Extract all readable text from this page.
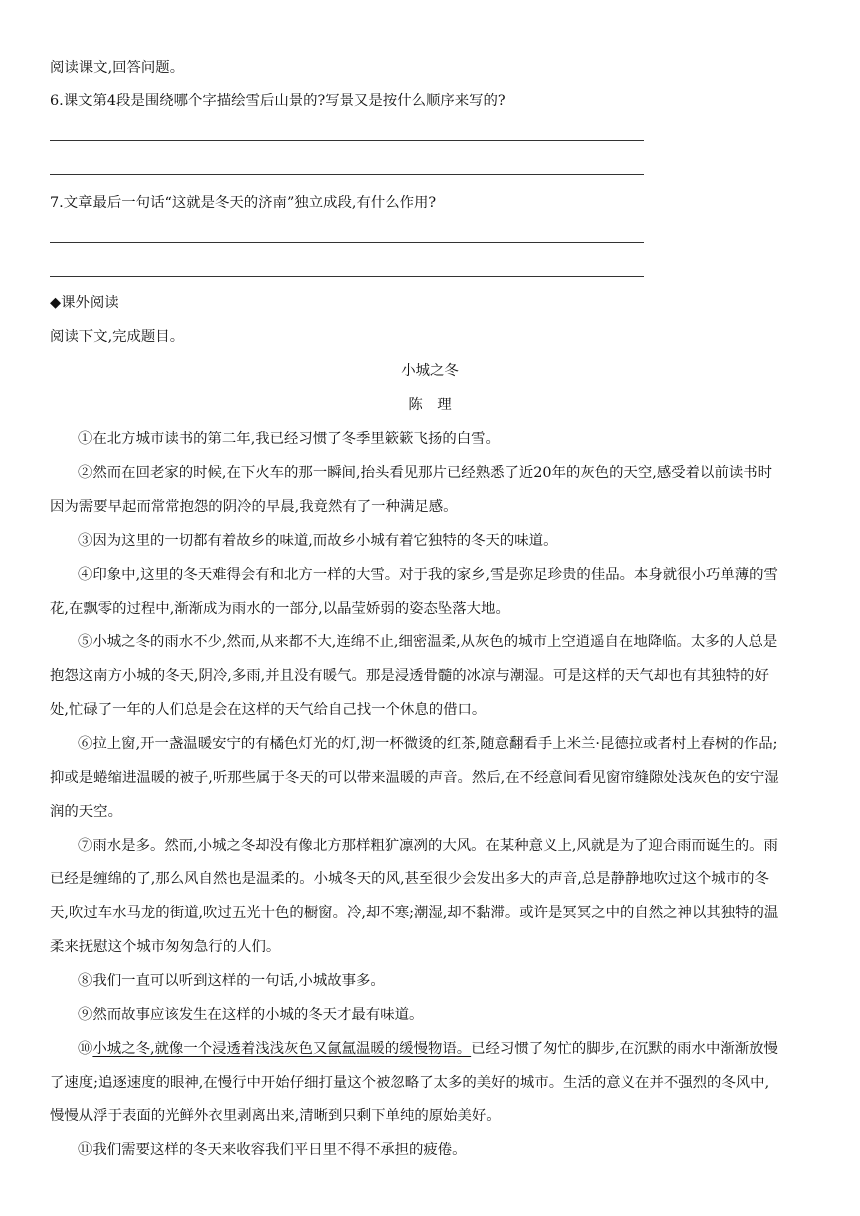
阅读课文,回答问题。
6.课文第4段是围绕哪个字描绘雪后山景的?写景又是按什么顺序来写的?
7.文章最后一句话“这就是冬天的济南”独立成段,有什么作用?
◆课外阅读
阅读下文,完成题目。
小城之冬
陈　理
①在北方城市读书的第二年,我已经习惯了冬季里簌簌飞扬的白雪。
②然而在回老家的时候,在下火车的那一瞬间,抬头看见那片已经熟悉了近20年的灰色的天空,感受着以前读书时
因为需要早起而常常抱怨的阴冷的早晨,我竟然有了一种满足感。
③因为这里的一切都有着故乡的味道,而故乡小城有着它独特的冬天的味道。
④印象中,这里的冬天难得会有和北方一样的大雪。对于我的家乡,雪是弥足珍贵的佳品。本身就很小巧单薄的雪
花,在飘零的过程中,渐渐成为雨水的一部分,以晶莹娇弱的姿态坠落大地。
⑤小城之冬的雨水不少,然而,从来都不大,连绵不止,细密温柔,从灰色的城市上空逍遥自在地降临。太多的人总是
抱怨这南方小城的冬天,阴冷,多雨,并且没有暖气。那是浸透骨髓的冰凉与潮湿。可是这样的天气却也有其独特的好
处,忙碌了一年的人们总是会在这样的天气给自己找一个休息的借口。
⑥拉上窗,开一盏温暖安宁的有橘色灯光的灯,沏一杯微烫的红茶,随意翻看手上米兰·昆德拉或者村上春树的作品;
抑或是蜷缩进温暖的被子,听那些属于冬天的可以带来温暖的声音。然后,在不经意间看见窗帘缝隙处浅灰色的安宁湿
润的天空。
⑦雨水是多。然而,小城之冬却没有像北方那样粗犷凛冽的大风。在某种意义上,风就是为了迎合雨而诞生的。雨
已经是缠绵的了,那么风自然也是温柔的。小城冬天的风,甚至很少会发出多大的声音,总是静静地吹过这个城市的冬
天,吹过车水马龙的街道,吹过五光十色的橱窗。冷,却不寒;潮湿,却不黏滞。或许是冥冥之中的自然之神以其独特的温
柔来抚慰这个城市匆匆急行的人们。
⑧我们一直可以听到这样的一句话,小城故事多。
⑨然而故事应该发生在这样的小城的冬天才最有味道。
⑩小城之冬,就像一个浸透着浅浅灰色又氤氲温暖的缓慢物语。已经习惯了匆忙的脚步,在沉默的雨水中渐渐放慢
了速度;追逐速度的眼神,在慢行中开始仔细打量这个被忽略了太多的美好的城市。生活的意义在并不强烈的冬风中,
慢慢从浮于表面的光鲜外衣里剥离出来,清晰到只剩下单纯的原始美好。
⑪我们需要这样的冬天来收容我们平日里不得不承担的疲倦。
